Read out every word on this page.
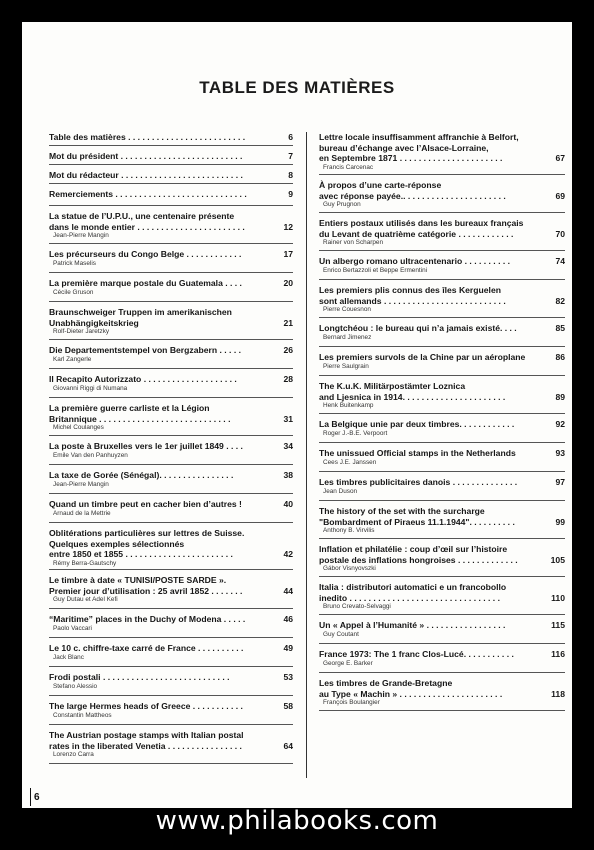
TABLE DES MATIÈRES
Table des matières . . . . . . . . . . . . . . . . . . . . . . . . .	6
Mot du président . . . . . . . . . . . . . . . . . . . . . . . . . .	7
Mot du rédacteur . . . . . . . . . . . . . . . . . . . . . . . . . .	8
Remerciements . . . . . . . . . . . . . . . . . . . . . . . . . . . .	9
La statue de l’U.P.U., une centenaire présente
dans le monde entier . . . . . . . . . . . . . . . . . . . . . . .	12
Jean-Pierre Mangin
Les précurseurs du Congo Belge . . . . . . . . . . . .	17
Patrick Maselis
La première marque postale du Guatemala . . . .	20
Cécile Gruson
Braunschweiger Truppen im amerikanischen
Unabhängigkeitskrieg	21
Rolf-Dieter Jaretzky
Die Departementstempel von Bergzabern . . . . .	26
Karl Zangerle
Il Recapito Autorizzato . . . . . . . . . . . . . . . . . . . .	28
Giovanni Riggi di Numana
La première guerre carliste et la Légion
Britannique . . . . . . . . . . . . . . . . . . . . . . . . . . . .	31
Michel Coulanges
La poste à Bruxelles vers le 1er juillet 1849 . . . .	34
Emile Van den Panhuyzen
La taxe de Gorée (Sénégal). . . . . . . . . . . . . . . .	38
Jean-Pierre Mangin
Quand un timbre peut en cacher bien d’autres !	40
Arnaud de la Mettrie
Oblitérations particulières sur lettres de Suisse.
Quelques exemples sélectionnés
entre 1850 et 1855 . . . . . . . . . . . . . . . . . . . . . . .	42
Rémy Berra-Gautschy
Le timbre à date « TUNISI/POSTE SARDE ».
Premier jour d’utilisation : 25 avril 1852 . . . . . . .	44
Guy Dutau et Adel Kefi
“Maritime” places in the Duchy of Modena . . . . .	46
Paolo Vaccari
Le 10 c. chiffre-taxe carré de France . . . . . . . . . .	49
Jack Blanc
Frodi postali . . . . . . . . . . . . . . . . . . . . . . . . . . .	53
Stefano Alessio
The large Hermes heads of Greece . . . . . . . . . . .	58
Constantin Mattheos
The Austrian postage stamps with Italian postal
rates in the liberated Venetia . . . . . . . . . . . . . . . .	64
Lorenzo Carra
Lettre locale insuffisamment affranchie à Belfort,
bureau d’échange avec l’Alsace-Lorraine,
en Septembre 1871 . . . . . . . . . . . . . . . . . . . . . .	67
Francis Carcenac
À propos d’une carte-réponse
avec réponse payée.. . . . . . . . . . . . . . . . . . . . . .	69
Guy Prugnon
Entiers postaux utilisés dans les bureaux français
du Levant de quatrième catégorie . . . . . . . . . . . .	70
Rainer von Scharpen
Un albergo romano ultracentenario . . . . . . . . . .	74
Enrico Bertazzoli et Beppe Ermentini
Les premiers plis connus des îles Kerguelen
sont allemands . . . . . . . . . . . . . . . . . . . . . . . . . .	82
Pierre Couesnon
Longtchéou : le bureau qui n’a jamais existé. . . .	85
Bernard Jimenez
Les premiers survols de la Chine par un aéroplane	86
Pierre Saulgrain
The K.u.K. Militärpostämter Loznica
and Ljesnica in 1914. . . . . . . . . . . . . . . . . . . . . .	89
Henk Buitenkamp
La Belgique unie par deux timbres. . . . . . . . . . . .	92
Roger J.-B.E. Verpoort
The unissued Official stamps in the Netherlands	93
Cees J.E. Janssen
Les timbres publicitaires danois . . . . . . . . . . . . . .	97
Jean Duson
The history of the set with the surcharge
"Bombardment of Piraeus 11.1.1944". . . . . . . . . .	99
Anthony B. Virvilis
Inflation et philatélie : coup d’œil sur l’histoire
postale des inflations hongroises . . . . . . . . . . . . .	105
Gábor Visnyovszki
Italia : distributori automatici e un francobollo
inedito . . . . . . . . . . . . . . . . . . . . . . . . . . . . . . . .	110
Bruno Crevato-Selvaggi
Un « Appel à l’Humanité » . . . . . . . . . . . . . . . . .	115
Guy Coutant
France 1973: The 1 franc Clos-Lucé. . . . . . . . . . .	116
George E. Barker
Les timbres de Grande-Bretagne
au Type « Machin » . . . . . . . . . . . . . . . . . . . . . .	118
François Boulangier
6
www.philabooks.com
